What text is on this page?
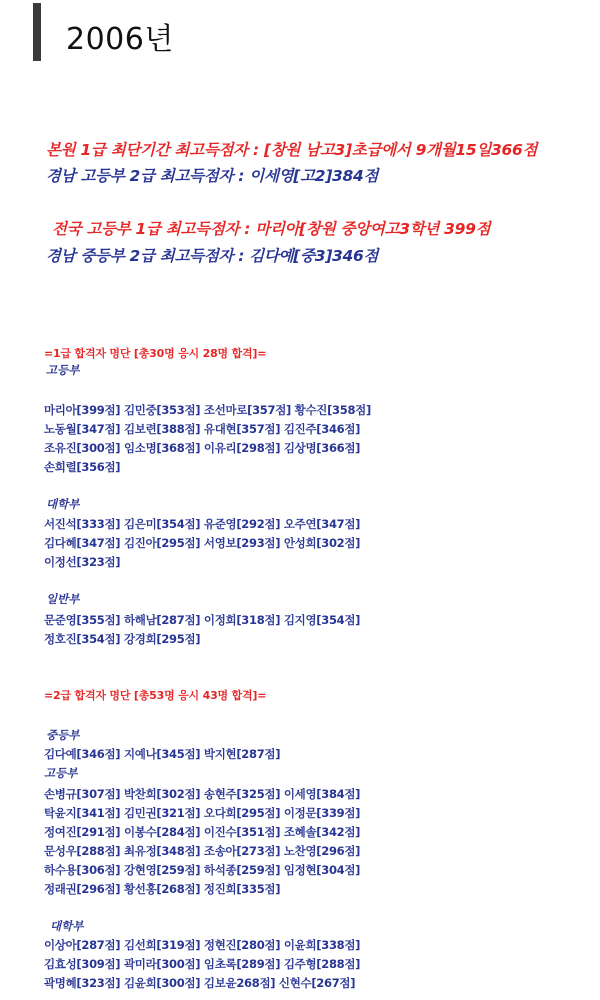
2006년
본원 1급 최단기간 최고득점자 : [창원 남고3]초급에서 9개월15일366점
경남 고등부 2급 최고득점자 : 이세영[고2]384점
전국 고등부 1급 최고득점자 : 마리아[창원 중앙여고3학년 399점
경남 중등부 2급 최고득점자 : 김다예[중3]346점
=1급 합격자 명단 [총30명 응시 28명 합격]=
고등부
마리아[399점] 김민중[353점] 조선마로[357점] 황수진[358점]
노동월[347점] 김보련[388점] 유대현[357점] 김진주[346점]
조유진[300점] 임소명[368점] 이유리[298점] 김상명[366점]
손희렬[356점]
대학부
서진석[333점] 김은미[354점] 유준영[292점] 오주연[347점]
김다혜[347점] 김진아[295점] 서영보[293점] 안성희[302점]
이정선[323점]
일반부
문준영[355점] 하해남[287점] 이정희[318점] 김지영[354점]
정호진[354점] 강경희[295점]
=2급 합격자 명단 [총53명 응시 43명 합격]=
중등부
김다예[346점] 지예나[345점] 박지현[287점]
고등부
손병규[307점] 박찬희[302점] 송현주[325점] 이세영[384점]
탁윤지[341점] 김민권[321점] 오다희[295점] 이정문[339점]
정여진[291점] 이봉수[284점] 이진수[351점] 조혜솔[342점]
문성우[288점] 최유정[348점] 조송아[273점] 노찬영[296점]
하수용[306점] 강현영[259점] 하석종[259점] 임정현[304점]
정래권[296점] 황선홍[268점] 정진희[335점]
대학부
이상아[287점] 김선희[319점] 정현진[280점] 이윤희[338점]
김효성[309점] 곽미라[300점] 임초록[289점] 김주형[288점]
곽명혜[323점] 김윤희[300점] 김보윤268점] 신현수[267점]
